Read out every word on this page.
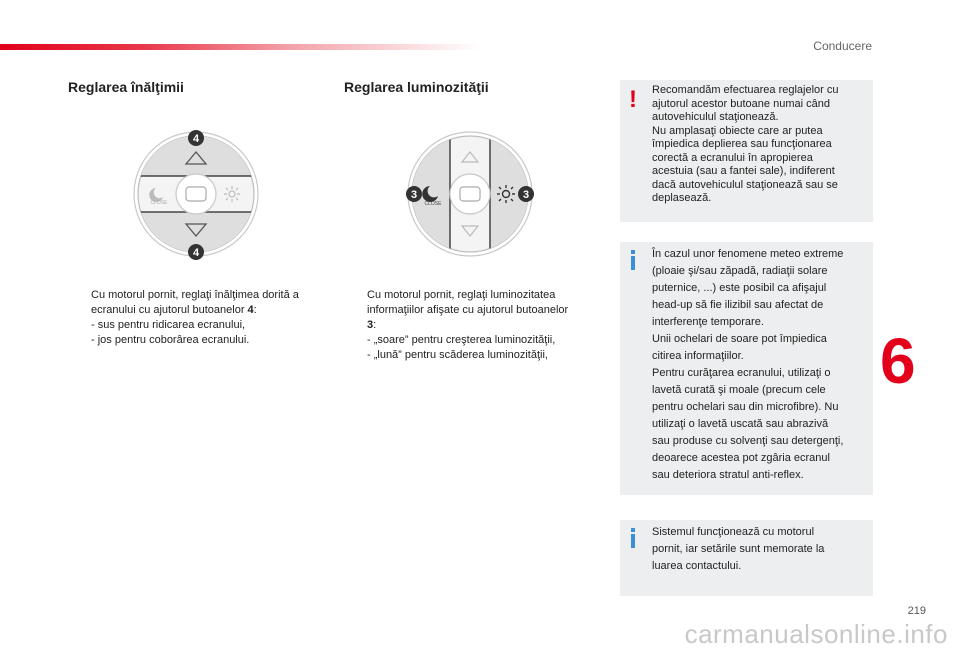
Conducere
Reglarea înălţimii
CLOSE
4
4
Cu motorul pornit, reglaţi înălţimea dorită a
ecranului cu ajutorul butoanelor 4:
- sus pentru ridicarea ecranului,
- jos pentru coborârea ecranului.
Reglarea luminozităţii
CLOSE
3	3
Cu motorul pornit, reglaţi luminozitatea
informaţiilor afişate cu ajutorul butoanelor
3:
- „soare” pentru creşterea luminozităţii,
- „lună” pentru scăderea luminozităţii,
! Recomandăm efectuarea reglajelor cu

ajutorul acestor butoane numai când

autovehiculul staţionează.

Nu amplasaţi obiecte care ar putea

împiedica deplierea sau funcţionarea

corectă a ecranului în apropierea

acestuia (sau a fantei sale), indiferent

dacă autovehiculul staţionează sau se

deplasează.

În cazul unor fenomene meteo extreme

(ploaie şi/sau zăpadă, radiaţii solare

puternice, ...) este posibil ca afişajul

head-up să fie ilizibil sau afectat de

interferenţe temporare.

Unii ochelari de soare pot împiedica

citirea informaţiilor.

Pentru curăţarea ecranului, utilizaţi o

lavetă curată şi moale (precum cele

pentru ochelari sau din microfibre). Nu

utilizaţi o lavetă uscată sau abrazivă

sau produse cu solvenţi sau detergenţi,

deoarece acestea pot zgâria ecranul

sau deteriora stratul anti-reflex.

Sistemul funcţionează cu motorul

pornit, iar setările sunt memorate la

luarea contactului.

6
219
carmanualsonline.info
